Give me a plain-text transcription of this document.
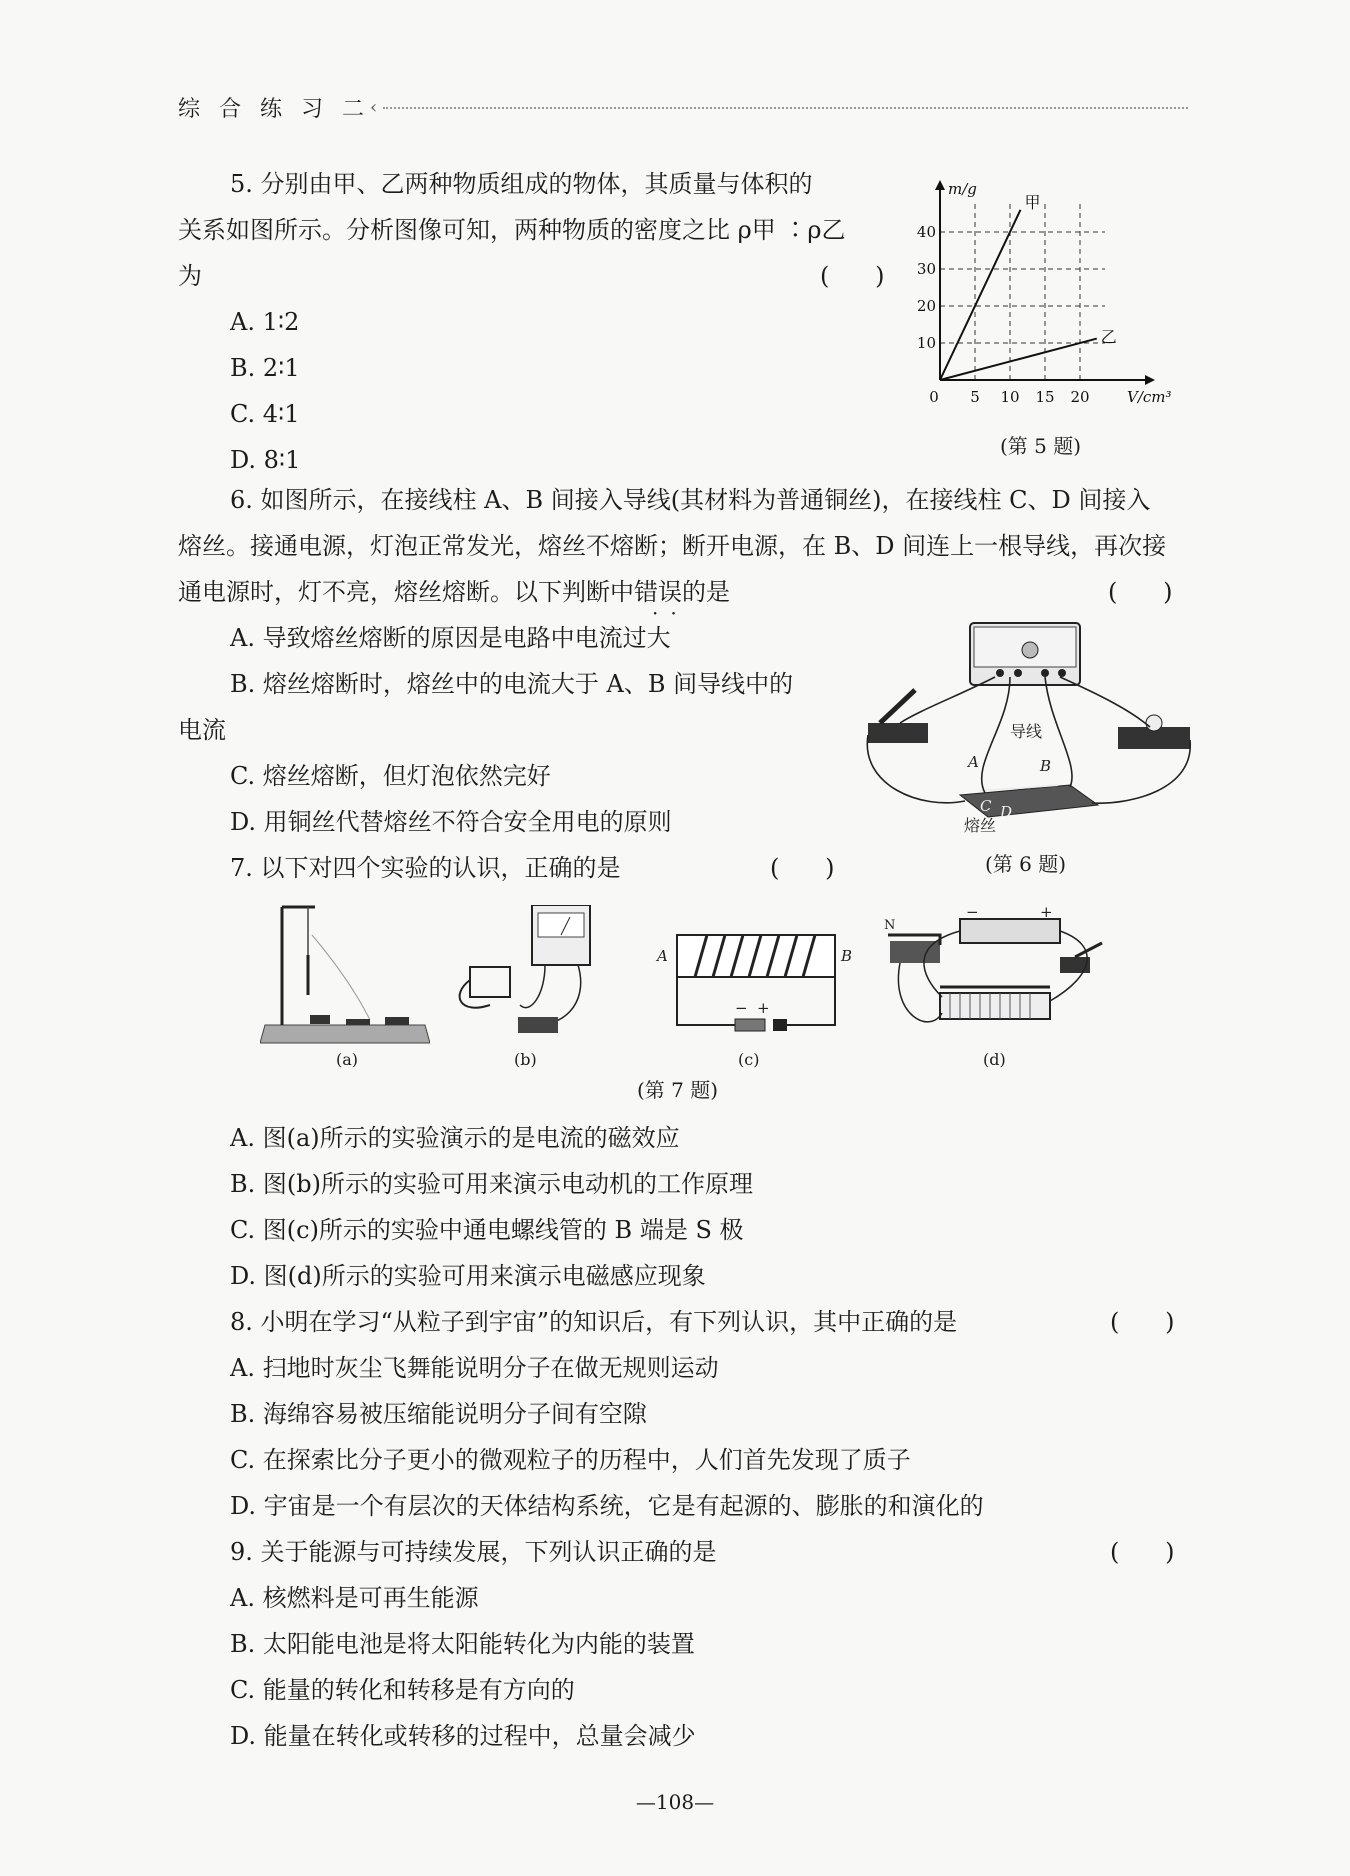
综 合 练 习 二 ‹
5. 分别由甲、乙两种物质组成的物体，其质量与体积的
关系如图所示。分析图像可知，两种物质的密度之比 ρ甲 ∶ρ乙
为	(      )
A. 1∶2
B. 2∶1
C. 4∶1
D. 8∶1
0 5 10 15 20
10
20
30
40
m/g
V/cm³
甲
乙
(第 5 题)
6. 如图所示，在接线柱 A、B 间接入导线(其材料为普通铜丝)，在接线柱 C、D 间接入
熔丝。接通电源，灯泡正常发光，熔丝不熔断；断开电源，在 B、D 间连上一根导线，再次接
通电源时，灯不亮，熔丝熔断。以下判断中错误的是
··
(      )
A. 导致熔丝熔断的原因是电路中电流过大
B. 熔丝熔断时，熔丝中的电流大于 A、B 间导线中的
电流
C. 熔丝熔断，但灯泡依然完好
D. 用铜丝代替熔丝不符合安全用电的原则
导线
A	B
C D
熔丝
(第 6 题)
7. 以下对四个实验的认识，正确的是	(      )
A	B
− +
N
−	+
(a)	(b)	(c)	(d)
(第 7 题)
A. 图(a)所示的实验演示的是电流的磁效应
B. 图(b)所示的实验可用来演示电动机的工作原理
C. 图(c)所示的实验中通电螺线管的 B 端是 S 极
D. 图(d)所示的实验可用来演示电磁感应现象
8. 小明在学习“从粒子到宇宙”的知识后，有下列认识，其中正确的是	(      )
A. 扫地时灰尘飞舞能说明分子在做无规则运动
B. 海绵容易被压缩能说明分子间有空隙
C. 在探索比分子更小的微观粒子的历程中，人们首先发现了质子
D. 宇宙是一个有层次的天体结构系统，它是有起源的、膨胀的和演化的
9. 关于能源与可持续发展，下列认识正确的是	(      )
A. 核燃料是可再生能源
B. 太阳能电池是将太阳能转化为内能的装置
C. 能量的转化和转移是有方向的
D. 能量在转化或转移的过程中，总量会减少
—108—
